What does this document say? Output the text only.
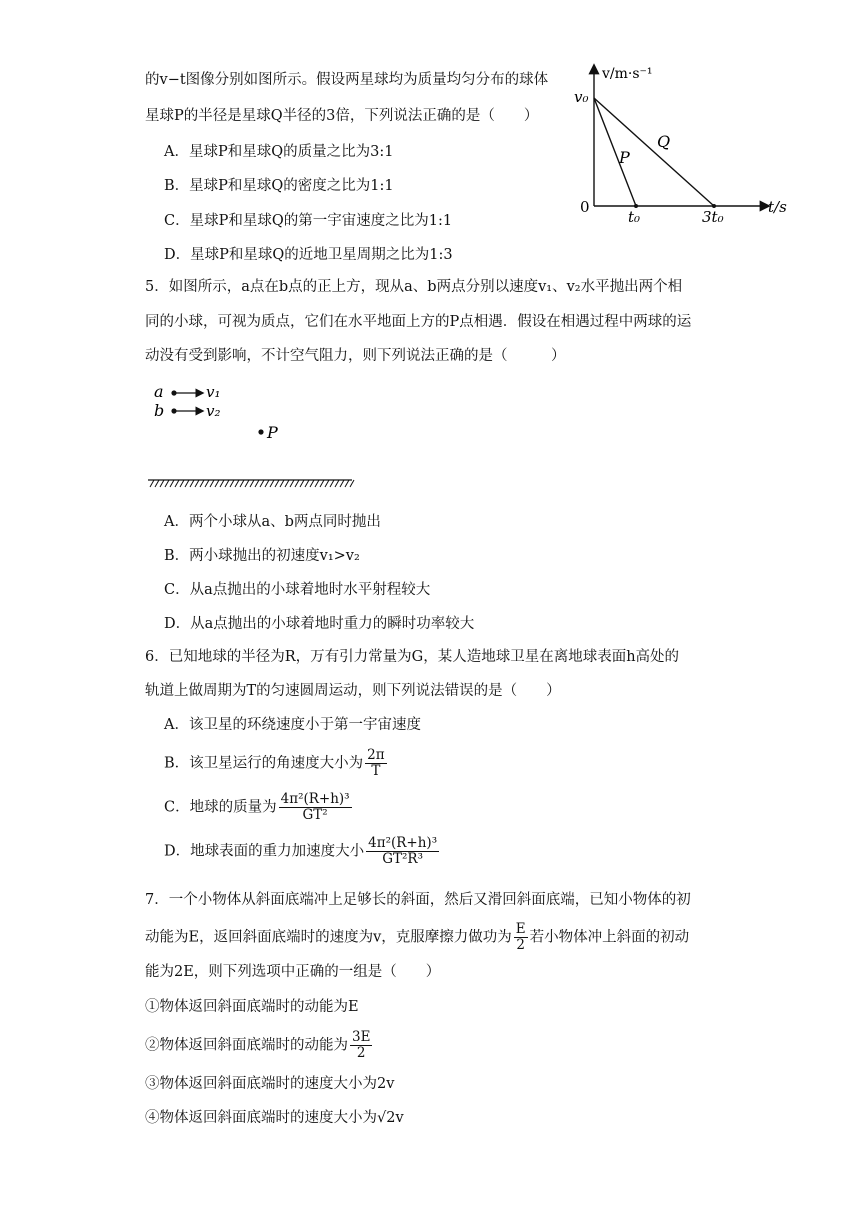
的v−t图像分别如图所示。假设两星球均为质量均匀分布的球体
星球P的半径是星球Q半径的3倍，下列说法正确的是（　　）
A．星球P和星球Q的质量之比为3:1
B．星球P和星球Q的密度之比为1:1
C．星球P和星球Q的第一宇宙速度之比为1:1
D．星球P和星球Q的近地卫星周期之比为1:3
v/m·s⁻¹
v₀
0
t₀	3t₀
t/s
P
Q
5．如图所示，a点在b点的正上方，现从a、b两点分别以速度v₁、v₂水平抛出两个相
同的小球，可视为质点，它们在水平地面上方的P点相遇．假设在相遇过程中两球的运
动没有受到影响，不计空气阻力，则下列说法正确的是（　　　）
a	v₁
b	v₂
P
A．两个小球从a、b两点同时抛出
B．两小球抛出的初速度v₁>v₂
C．从a点抛出的小球着地时水平射程较大
D．从a点抛出的小球着地时重力的瞬时功率较大
6．已知地球的半径为R，万有引力常量为G，某人造地球卫星在离地球表面h高处的
轨道上做周期为T的匀速圆周运动，则下列说法错误的是（　　）
A．该卫星的环绕速度小于第一宇宙速度
B．该卫星运行的角速度大小为 $\frac{2\pi}{T}$
C．地球的质量为 $\frac{\text{4π²(R+h)³}}{\text{GT²}}$
D．地球表面的重力加速度大小 $\frac{\text{4π²(R+h)³}}{\text{GT²R³}}$
7．一个小物体从斜面底端冲上足够长的斜面，然后又滑回斜面底端，已知小物体的初
动能为E，返回斜面底端时的速度为v，克服摩擦力做功为 $\frac{E}{2}$ 若小物体冲上斜面的初动
能为2E，则下列选项中正确的一组是（　　）
①物体返回斜面底端时的动能为E
②物体返回斜面底端时的动能为 $\frac{3E}{2}$
③物体返回斜面底端时的速度大小为2v
④物体返回斜面底端时的速度大小为√2v
